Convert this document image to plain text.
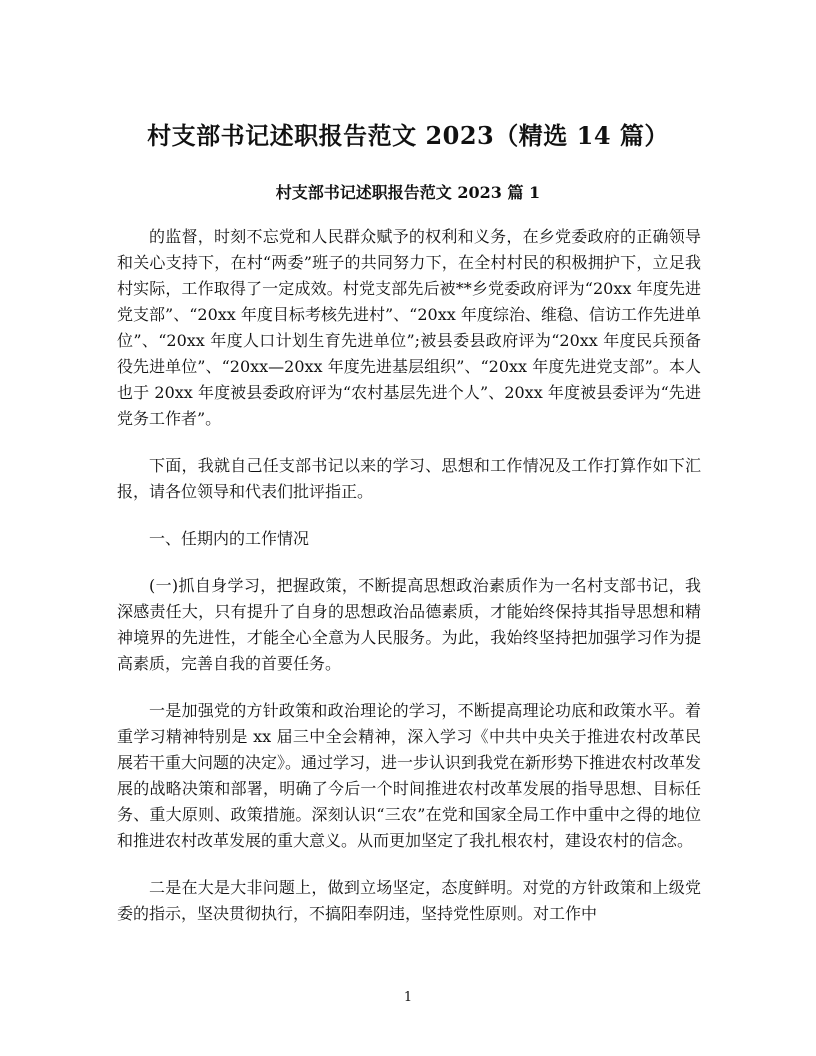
村支部书记述职报告范文 2023（精选 14 篇）
村支部书记述职报告范文 2023 篇 1

的监督，时刻不忘党和人民群众赋予的权利和义务，在乡党委政府的正确领导和关心支持下，在村“两委”班子的共同努力下，在全村村民的积极拥护下，立足我村实际，工作取得了一定成效。村党支部先后被**乡党委政府评为“20xx 年度先进党支部”、“20xx 年度目标考核先进村”、“20xx 年度综治、维稳、信访工作先进单位”、“20xx 年度人口计划生育先进单位”;被县委县政府评为“20xx 年度民兵预备役先进单位”、“20xx—20xx 年度先进基层组织”、“20xx 年度先进党支部”。本人也于 20xx 年度被县委政府评为“农村基层先进个人”、20xx 年度被县委评为“先进党务工作者”。

下面，我就自己任支部书记以来的学习、思想和工作情况及工作打算作如下汇报，请各位领导和代表们批评指正。

一、任期内的工作情况

(一)抓自身学习，把握政策，不断提高思想政治素质作为一名村支部书记，我深感责任大，只有提升了自身的思想政治品德素质，才能始终保持其指导思想和精神境界的先进性，才能全心全意为人民服务。为此，我始终坚持把加强学习作为提高素质，完善自我的首要任务。

一是加强党的方针政策和政治理论的学习，不断提高理论功底和政策水平。着重学习精神特别是 xx 届三中全会精神，深入学习《中共中央关于推进农村改革民展若干重大问题的决定》。通过学习，进一步认识到我党在新形势下推进农村改革发展的战略决策和部署，明确了今后一个时间推进农村改革发展的指导思想、目标任务、重大原则、政策措施。深刻认识“三农”在党和国家全局工作中重中之得的地位和推进农村改革发展的重大意义。从而更加坚定了我扎根农村，建设农村的信念。

二是在大是大非问题上，做到立场坚定，态度鲜明。对党的方针政策和上级党委的指示，坚决贯彻执行，不搞阳奉阴违，坚持党性原则。对工作中

1
